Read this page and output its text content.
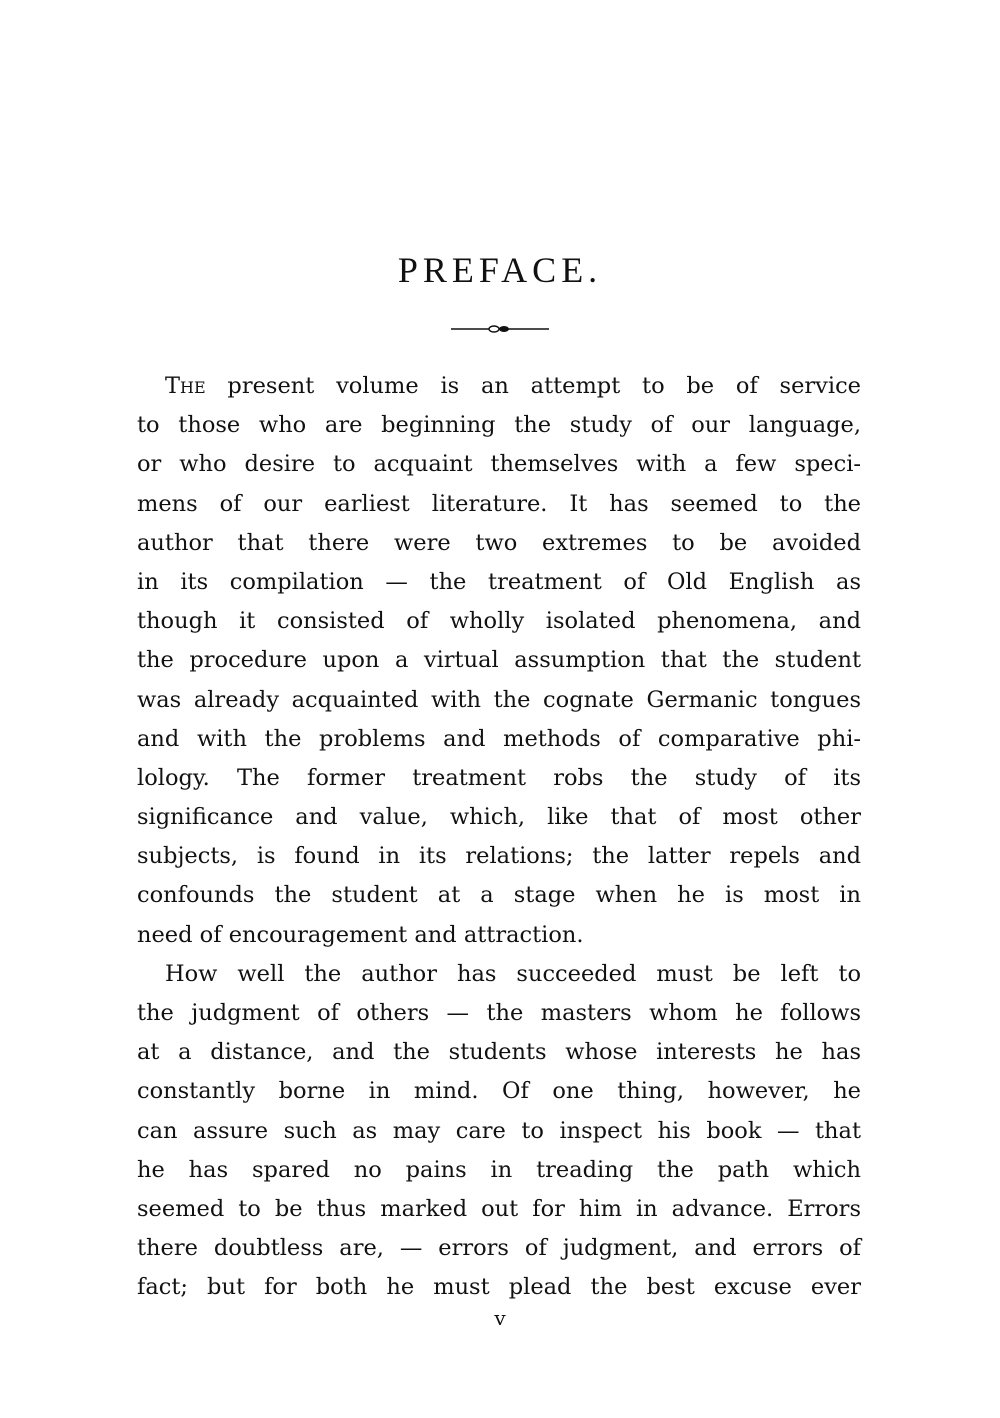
PREFACE.
The present volume is an attempt to be of service
to those who are beginning the study of our language,
or who desire to acquaint themselves with a few speci-
mens of our earliest literature. It has seemed to the
author that there were two extremes to be avoided
in its compilation — the treatment of Old English as
though it consisted of wholly isolated phenomena, and
the procedure upon a virtual assumption that the student
was already acquainted with the cognate Germanic tongues
and with the problems and methods of comparative phi-
lology. The former treatment robs the study of its
significance and value, which, like that of most other
subjects, is found in its relations; the latter repels and
confounds the student at a stage when he is most in
need of encouragement and attraction.
How well the author has succeeded must be left to
the judgment of others — the masters whom he follows
at a distance, and the students whose interests he has
constantly borne in mind. Of one thing, however, he
can assure such as may care to inspect his book — that
he has spared no pains in treading the path which
seemed to be thus marked out for him in advance. Errors
there doubtless are, — errors of judgment, and errors of
fact; but for both he must plead the best excuse ever
v
